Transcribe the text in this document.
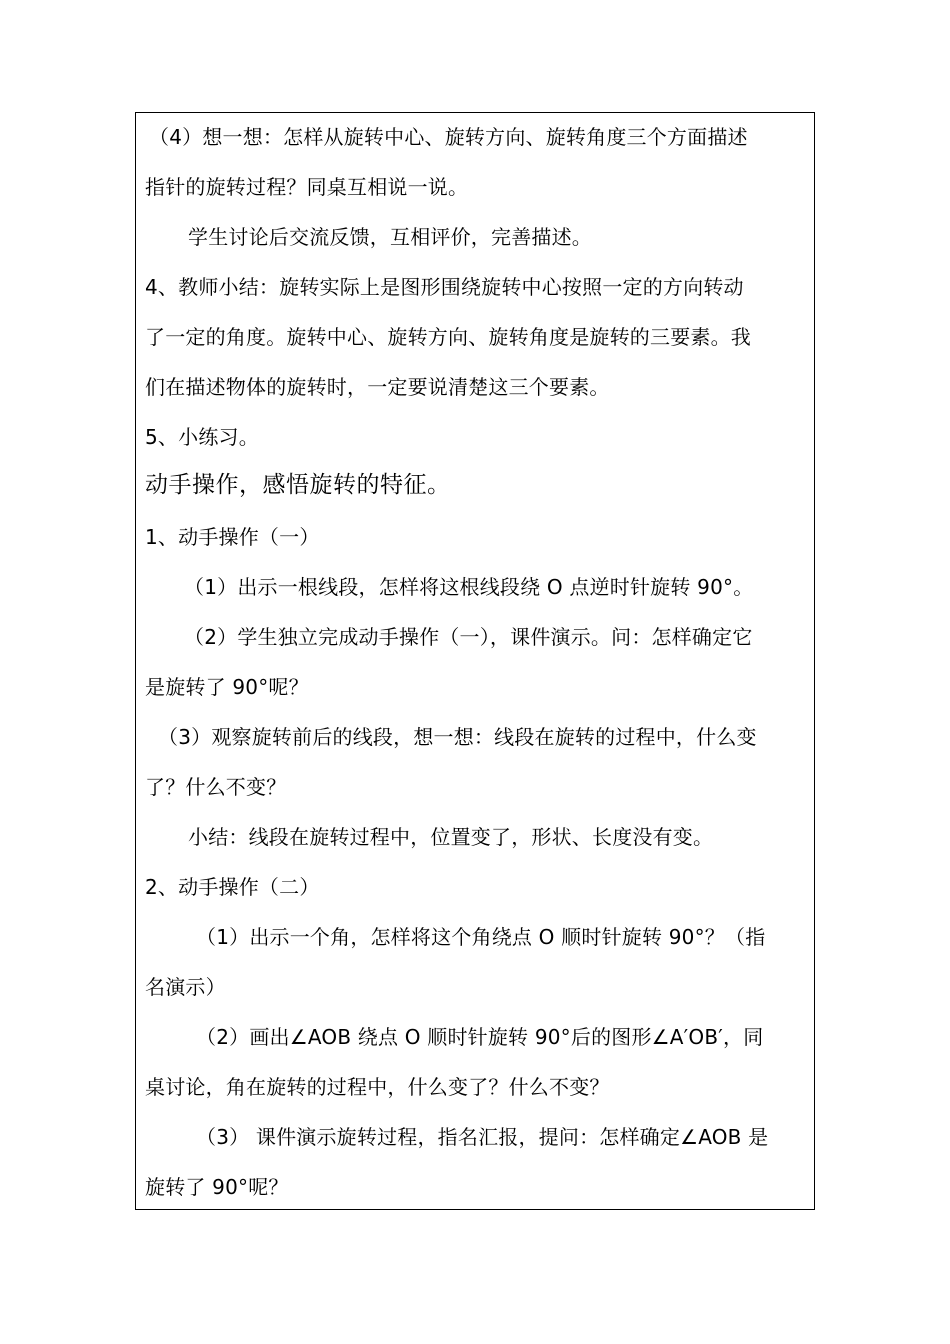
（4）想一想：怎样从旋转中心、旋转方向、旋转角度三个方面描述
指针的旋转过程？同桌互相说一说。
学生讨论后交流反馈，互相评价，完善描述。
4、教师小结：旋转实际上是图形围绕旋转中心按照一定的方向转动
了一定的角度。旋转中心、旋转方向、旋转角度是旋转的三要素。我
们在描述物体的旋转时，一定要说清楚这三个要素。
5、小练习。
动手操作，感悟旋转的特征。
1、动手操作（一）
（1）出示一根线段，怎样将这根线段绕 O 点逆时针旋转 90°。
（2）学生独立完成动手操作（一），课件演示。问：怎样确定它
是旋转了 90°呢？
（3）观察旋转前后的线段，想一想：线段在旋转的过程中，什么变
了？什么不变？
小结：线段在旋转过程中，位置变了，形状、长度没有变。
2、动手操作（二）
（1）出示一个角，怎样将这个角绕点 O 顺时针旋转 90°？（指
名演示）
（2）画出∠AOB 绕点 O 顺时针旋转 90°后的图形∠A′OB′，同
桌讨论，角在旋转的过程中，什么变了？什么不变？
（3） 课件演示旋转过程，指名汇报，提问：怎样确定∠AOB 是
旋转了 90°呢？
